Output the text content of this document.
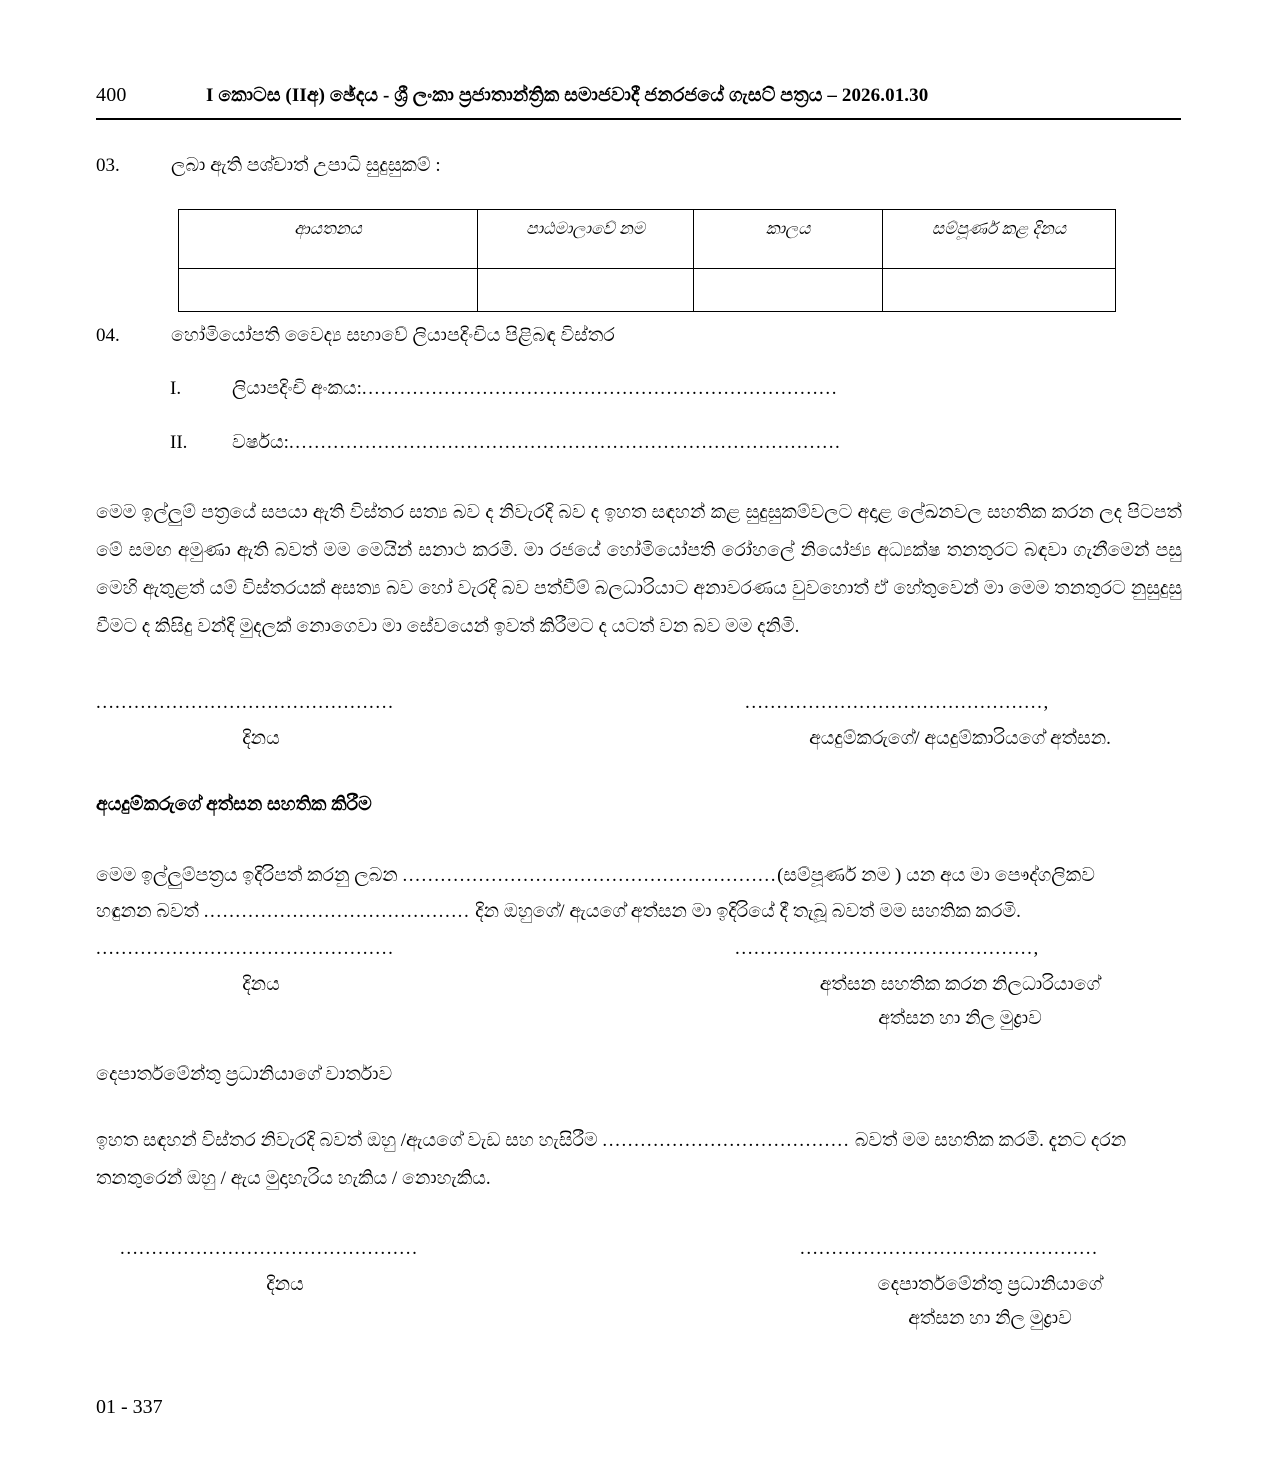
400	I කොටස (IIඅ) ඡේදය - ශ්‍රී ලංකා ප්‍රජාතාන්ත්‍රික සමාජවාදී ජනරජයේ ගැසට් පත්‍රය – 2026.01.30
03.	ලබා ඇති පශ්චාත් උපාධි සුදුසුකම් :
ආයතනය	පාඨමාලාවේ නම	කාලය	සම්පූර්ණ කළ දිනය

04.	හෝමියෝපති වෛද්‍ය සභාවේ ලියාපදිංචිය පිළිබඳ විස්තර
I.	ලියාපදිංචි අංකය: ...........................................................................
II.	වර්ෂය: .......................................................................................
මෙම ඉල්ලුම් පත්‍රයේ සපයා ඇති විස්තර සත්‍ය බව ද නිවැරදි බව ද ඉහත සඳහන් කළ සුදුසුකම්වලට අදාළ ලේඛනවල සහතික කරන ලද පිටපත් මේ සමඟ අමුණා ඇති බවත් මම මෙයින් සනාථ කරමි. මා රජයේ හෝමියෝපති රෝහලේ නියෝජ්‍ය අධ්‍යක්ෂ තනතුරට බඳවා ගැනීමෙන් පසු මෙහි ඇතුළත් යම් විස්තරයක් අසත්‍ය බව හෝ වැරදි බව පත්වීම් බලධාරියාට අනාවරණය වුවහොත් ඒ හේතුවෙන් මා මෙම තනතුරට නුසුදුසු වීමට ද කිසිදු වන්දි මුදලක් නොගෙවා මා සේවයෙන් ඉවත් කිරීමට ද යටත් වන බව මම දනිමි.
...............................................
දිනය
...............................................,
අයදුම්කරුගේ/ අයදුම්කාරියගේ අත්සන.
අයදුම්කරුගේ අත්සන සහතික කිරීම
මෙම ඉල්ලුම්පත්‍රය ඉදිරිපත් කරනු ලබන ...........................................................(සම්පූර්ණ නම ) යන අය මා පෞද්ගලිකව
හඳුනන බවත් .......................................... දින ඔහුගේ/ ඇයගේ අත්සන මා ඉදිරියේ දී තැබූ බවත් මම සහතික කරමි.
...............................................
දිනය
...............................................,
අත්සන සහතික කරන නිලධාරියාගේ
අත්සන හා නිල මුද්‍රාව
දෙපාර්තමේන්තු ප්‍රධානියාගේ වාර්තාව
ඉහත සඳහන් විස්තර නිවැරදි බවත් ඔහු /ඇයගේ වැඩ සහ හැසිරීම ....................................... බවත් මම සහතික කරමි. දැනට දරන
තනතුරෙන් ඔහු / ඇය මුදාහැරිය හැකිය / නොහැකිය.
...............................................
දිනය
...............................................
දෙපාර්තමේන්තු ප්‍රධානියාගේ
අත්සන හා නිල මුද්‍රාව
01 - 337
